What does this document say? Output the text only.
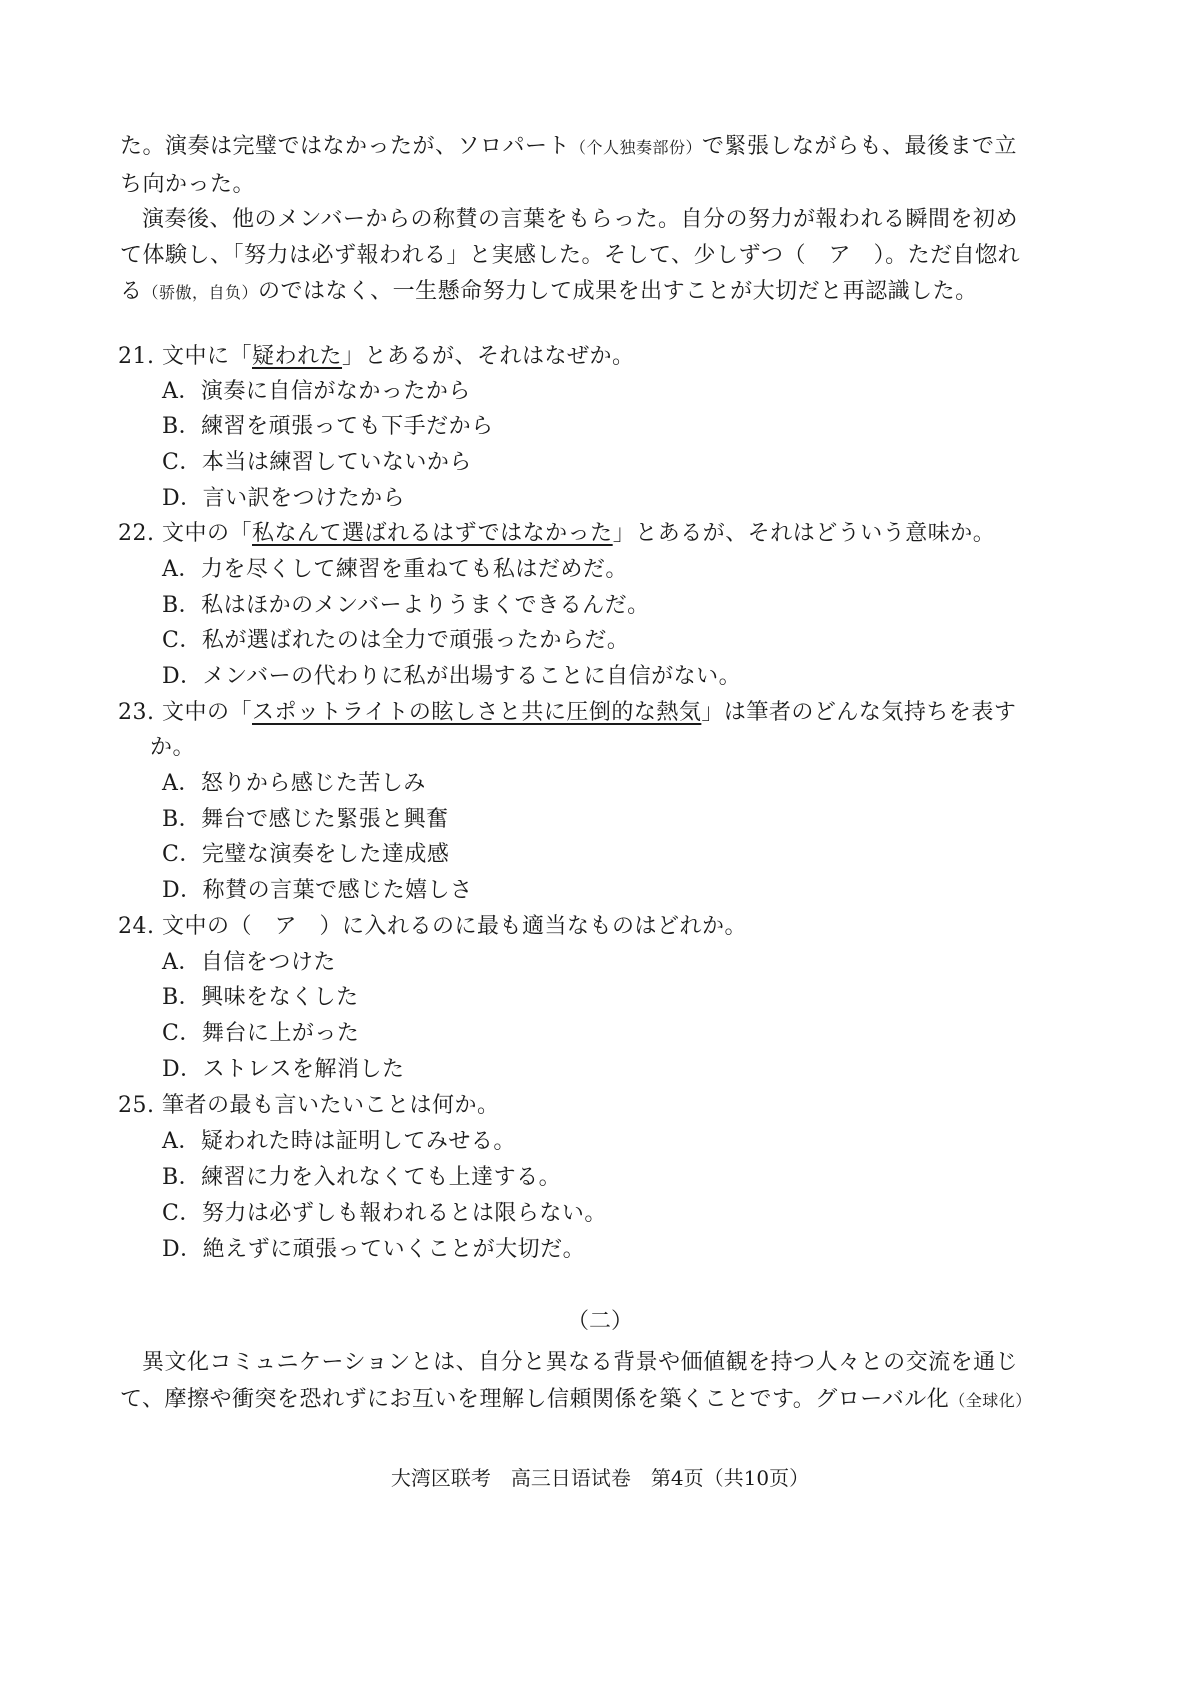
た。演奏は完璧ではなかったが、ソロパート（个人独奏部份）で緊張しながらも、最後まで立
ち向かった。
演奏後、他のメンバーからの称賛の言葉をもらった。自分の努力が報われる瞬間を初め
て体験し、「努力は必ず報われる」と実感した。そして、少しずつ（　ア　）。ただ自惚れ
る（骄傲，自负）のではなく、一生懸命努力して成果を出すことが大切だと再認識した。
21. 文中に「疑われた」とあるが、それはなぜか。
A．演奏に自信がなかったから
B．練習を頑張っても下手だから
C．本当は練習していないから
D．言い訳をつけたから
22. 文中の「私なんて選ばれるはずではなかった」とあるが、それはどういう意味か。
A．力を尽くして練習を重ねても私はだめだ。
B．私はほかのメンバーよりうまくできるんだ。
C．私が選ばれたのは全力で頑張ったからだ。
D．メンバーの代わりに私が出場することに自信がない。
23. 文中の「スポットライトの眩しさと共に圧倒的な熱気」は筆者のどんな気持ちを表す
か。
A．怒りから感じた苦しみ
B．舞台で感じた緊張と興奮
C．完璧な演奏をした達成感
D．称賛の言葉で感じた嬉しさ
24. 文中の（　ア　）に入れるのに最も適当なものはどれか。
A．自信をつけた
B．興味をなくした
C．舞台に上がった
D．ストレスを解消した
25. 筆者の最も言いたいことは何か。
A．疑われた時は証明してみせる。
B．練習に力を入れなくても上達する。
C．努力は必ずしも報われるとは限らない。
D．絶えずに頑張っていくことが大切だ。
（二）
異文化コミュニケーションとは、自分と異なる背景や価値観を持つ人々との交流を通じ
て、摩擦や衝突を恐れずにお互いを理解し信頼関係を築くことです。グローバル化（全球化）
大湾区联考　高三日语试卷　第4页（共10页）
